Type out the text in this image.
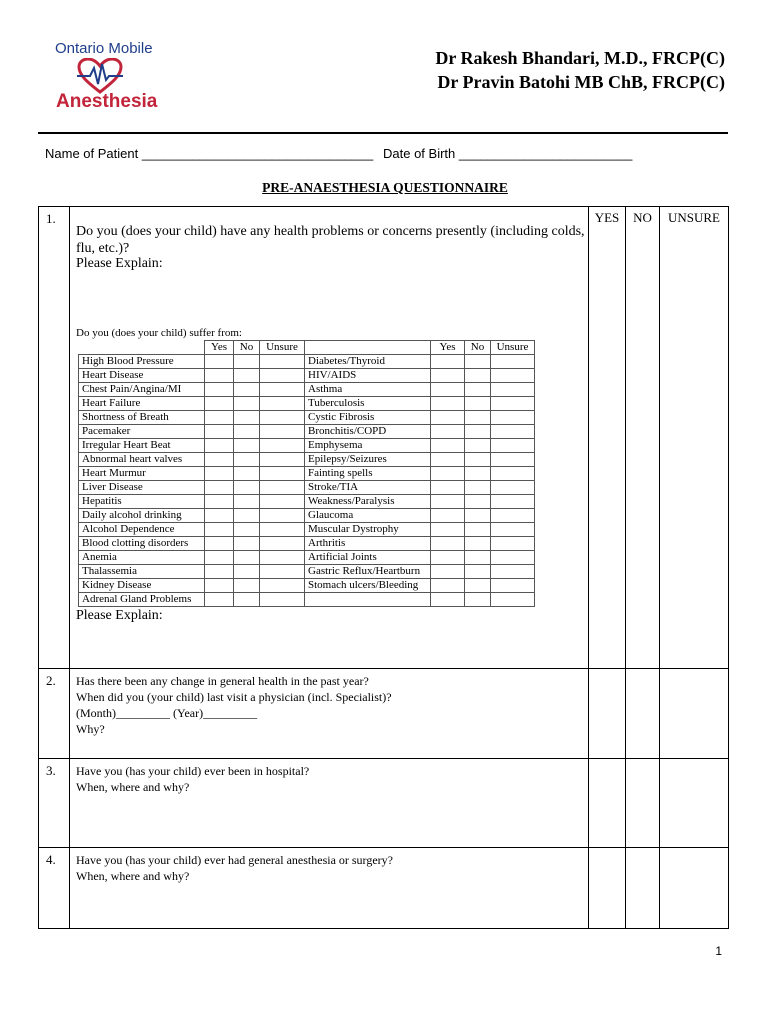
Ontario Mobile
Anesthesia
Dr Rakesh Bhandari, M.D., FRCP(C)
Dr Pravin Batohi MB ChB, FRCP(C)
Name of Patient ________________________________ Date of Birth ________________________
PRE-ANAESTHESIA QUESTIONNAIRE
1.	
Do you (does your child) have any health problems or concerns presently (including colds, flu, etc.)?
Please Explain:
Do you (does your child) suffer from:
	Yes	No	Unsure		Yes	No	Unsure
High Blood Pressure				Diabetes/Thyroid			
Heart Disease				HIV/AIDS			
Chest Pain/Angina/MI				Asthma			
Heart Failure				Tuberculosis			
Shortness of Breath				Cystic Fibrosis			
Pacemaker				Bronchitis/COPD			
Irregular Heart Beat				Emphysema			
Abnormal heart valves				Epilepsy/Seizures			
Heart Murmur				Fainting spells			
Liver Disease				Stroke/TIA			
Hepatitis				Weakness/Paralysis			
Daily alcohol drinking				Glaucoma			
Alcohol Dependence				Muscular Dystrophy			
Blood clotting disorders				Arthritis			
Anemia				Artificial Joints			
Thalassemia				Gastric Reflux/Heartburn			
Kidney Disease				Stomach ulcers/Bleeding			
Adrenal Gland Problems							
Please Explain:
	YES	NO	UNSURE
2.	Has there been any change in general health in the past year?
When did you (your child) last visit a physician (incl. Specialist)?
(Month)_________ (Year)_________
Why?

3.	Have you (has your child) ever been in hospital?
When, where and why?

4.	Have you (has your child) ever had general anesthesia or surgery?
When, where and why?

1
